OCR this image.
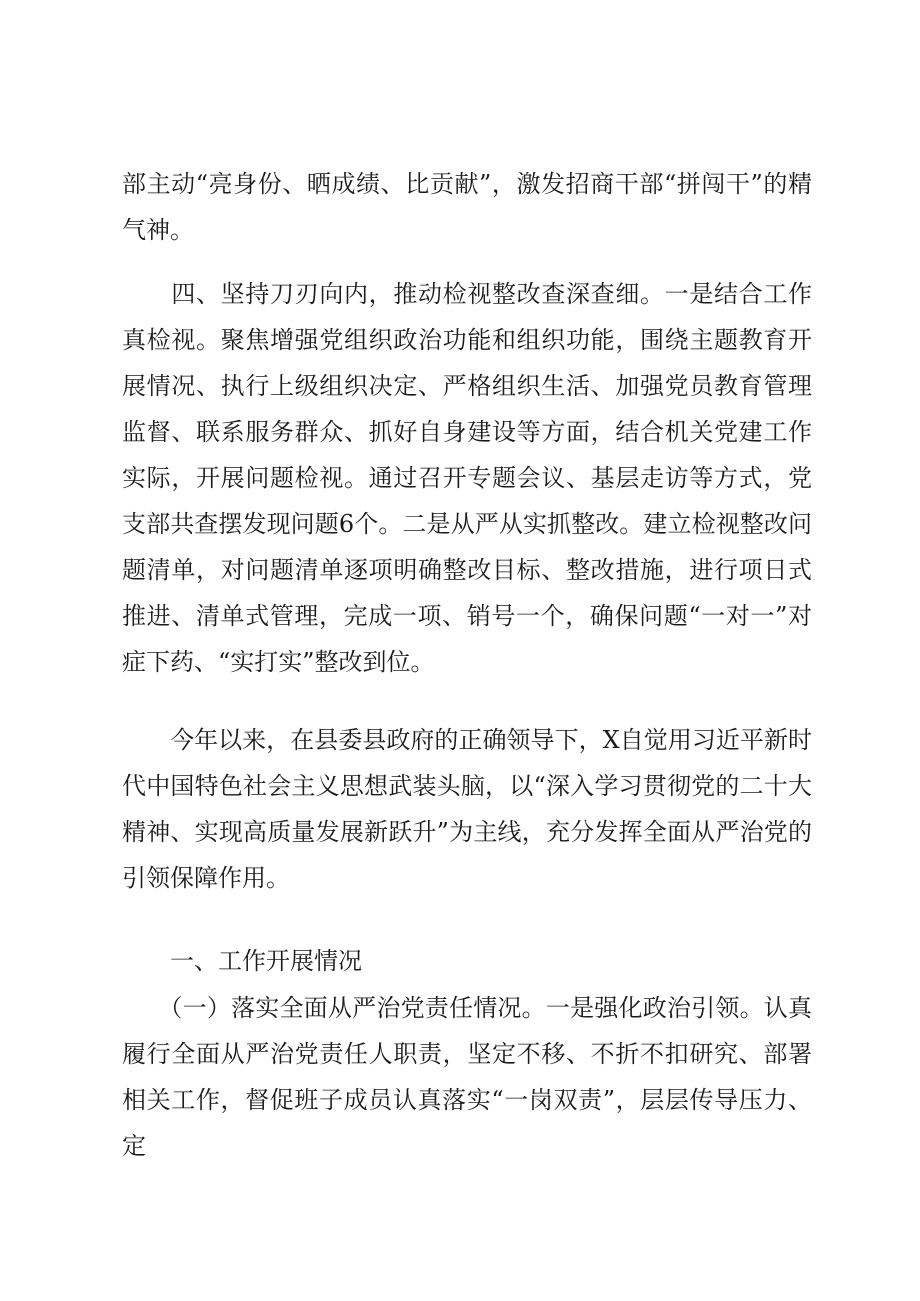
部主动“亮身份、晒成绩、比贡献”，激发招商干部“拼闯干”的精气神。

　　四、坚持刀刃向内，推动检视整改查深查细。一是结合工作真检视。聚焦增强党组织政治功能和组织功能，围绕主题教育开展情况、执行上级组织决定、严格组织生活、加强党员教育管理监督、联系服务群众、抓好自身建设等方面，结合机关党建工作实际，开展问题检视。通过召开专题会议、基层走访等方式，党支部共查摆发现问题6个。二是从严从实抓整改。建立检视整改问题清单，对问题清单逐项明确整改目标、整改措施，进行项日式推进、清单式管理，完成一项、销号一个，确保问题“一对一”对症下药、“实打实”整改到位。

　　今年以来，在县委县政府的正确领导下，X自觉用习近平新时代中国特色社会主义思想武装头脑，以“深入学习贯彻党的二十大精神、实现高质量发展新跃升”为主线，充分发挥全面从严治党的引领保障作用。

　　一、工作开展情况

　　（一）落实全面从严治党责任情况。一是强化政治引领。认真履行全面从严治党责任人职责，坚定不移、不折不扣研究、部署相关工作，督促班子成员认真落实“一岗双责”，层层传导压力、定
